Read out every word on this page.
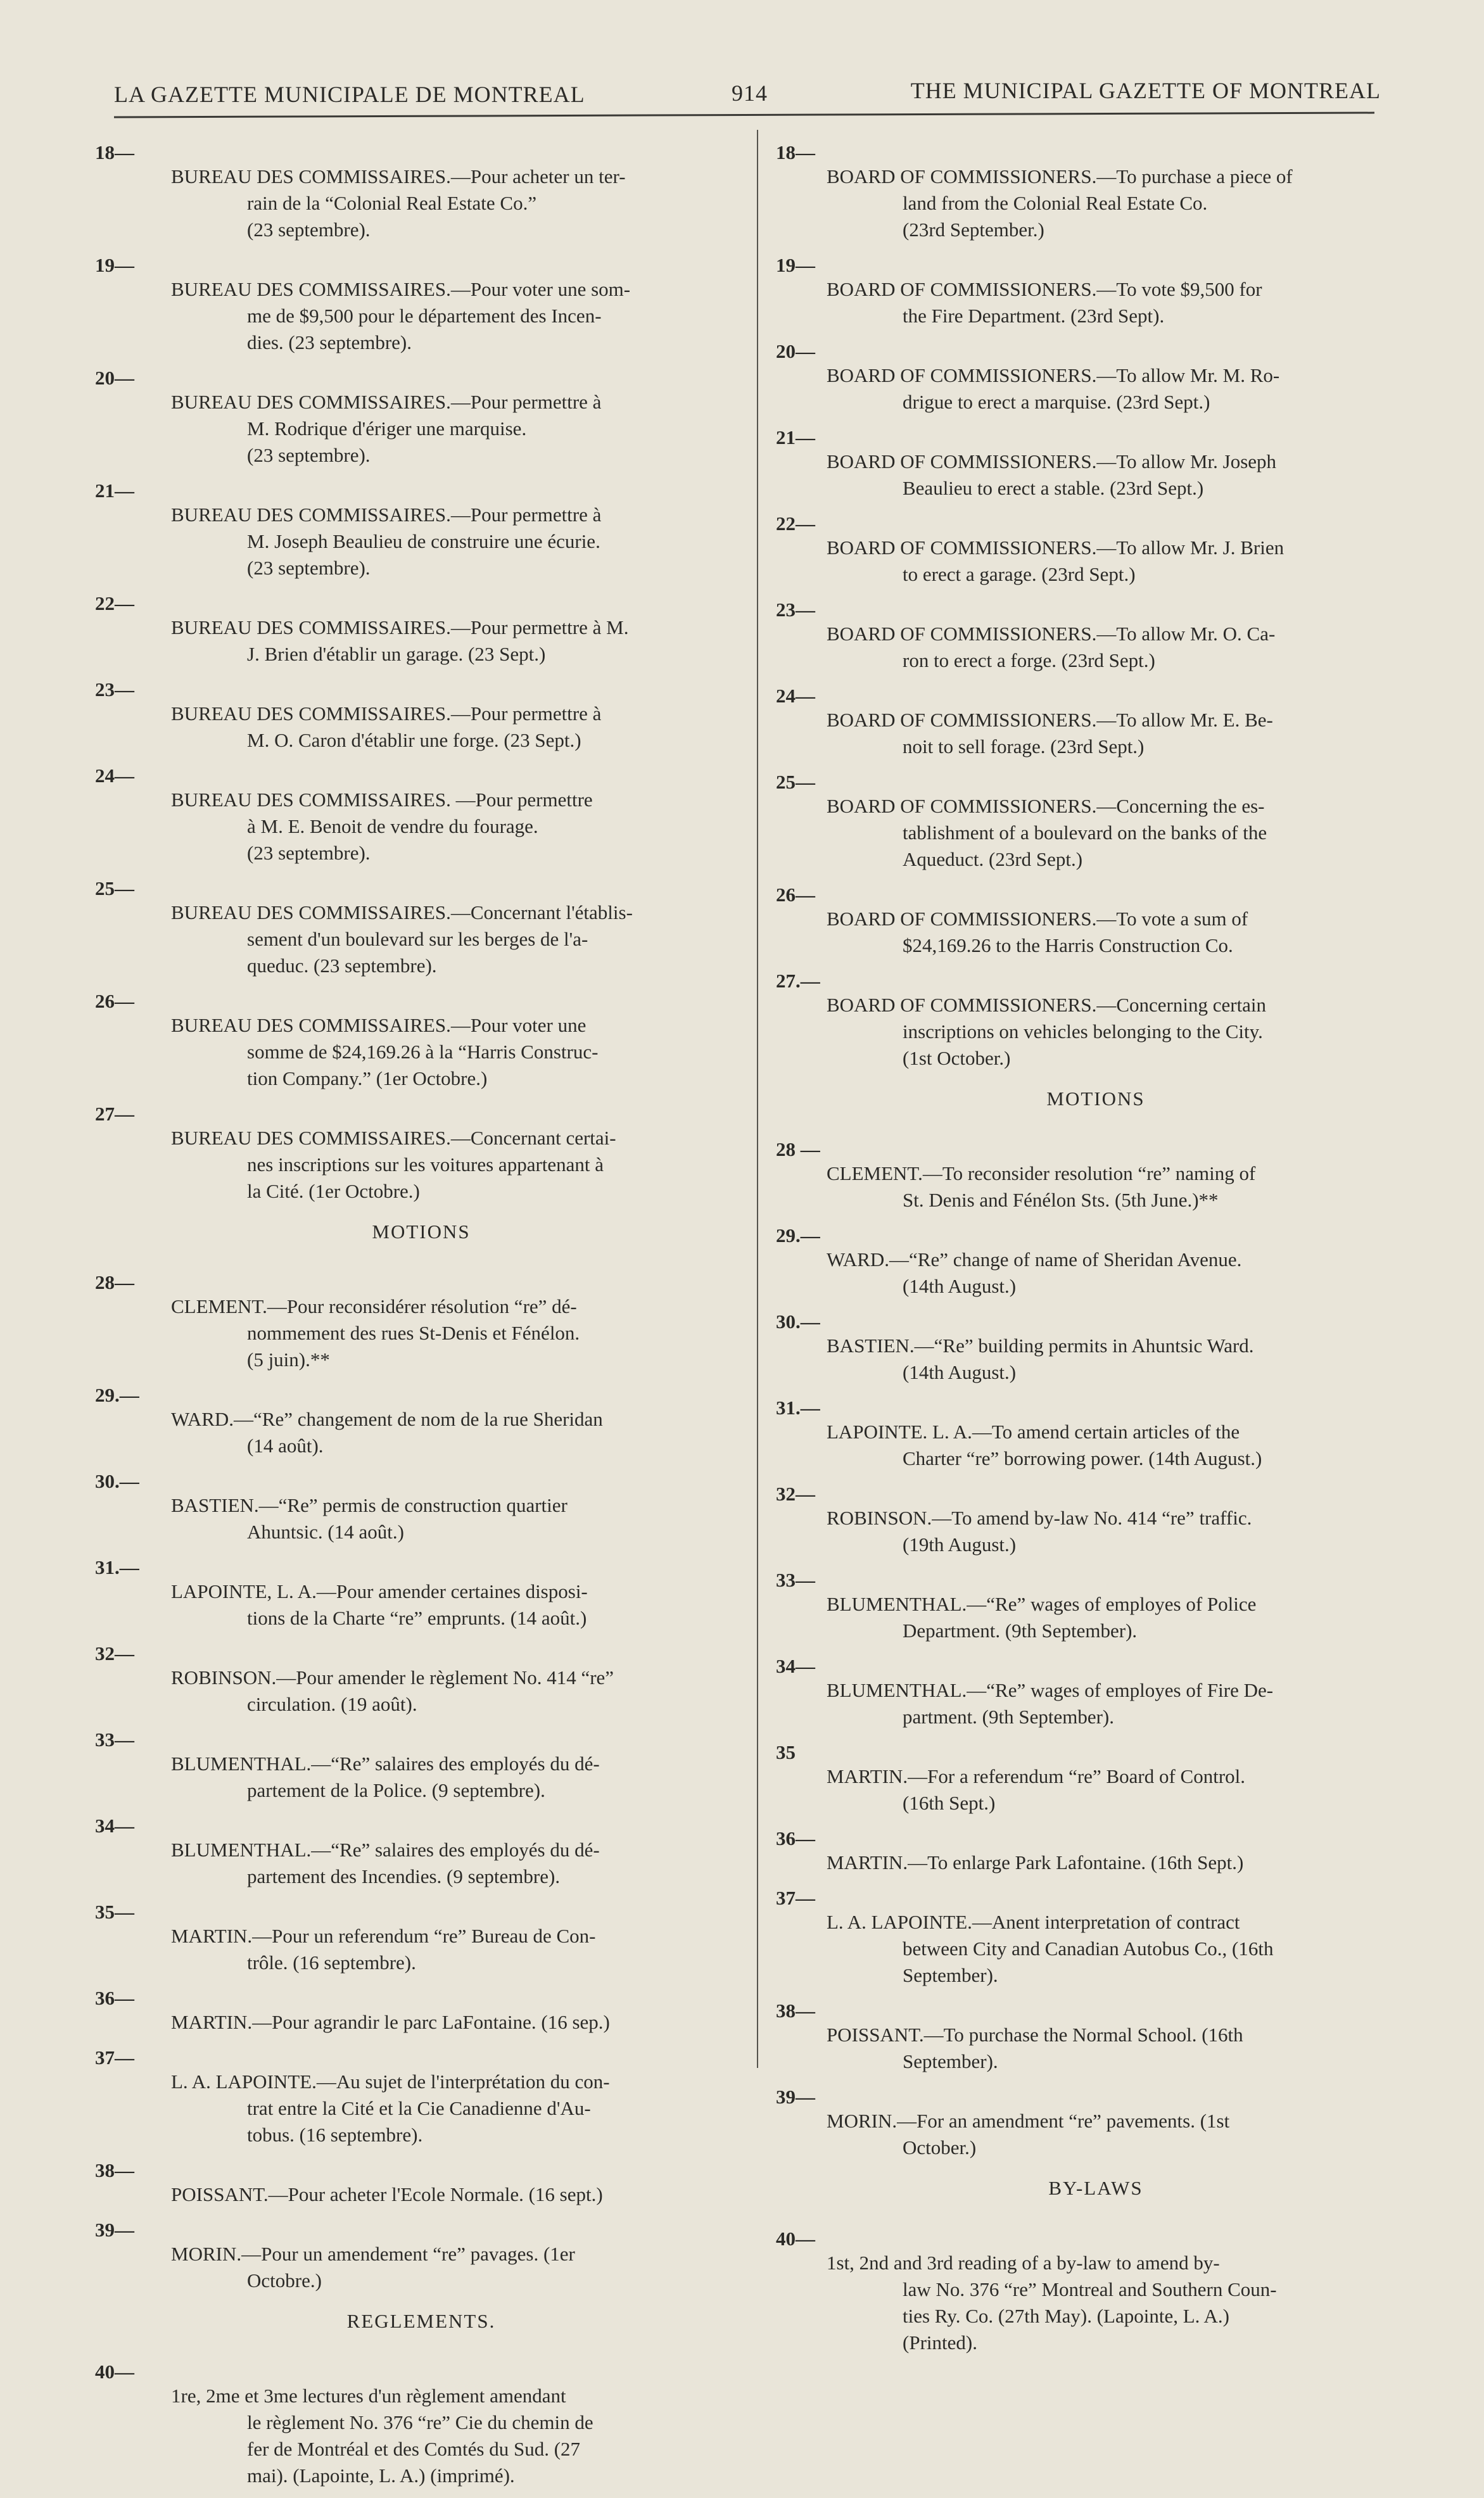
LA GAZETTE MUNICIPALE DE MONTREAL	914	THE MUNICIPAL GAZETTE OF MONTREAL
18—
BUREAU DES COMMISSAIRES.—Pour acheter un ter-
rain de la “Colonial Real Estate Co.”
(23 septembre).
19—
BUREAU DES COMMISSAIRES.—Pour voter une som-
me de $9,500 pour le département des Incen-
dies. (23 septembre).
20—
BUREAU DES COMMISSAIRES.—Pour permettre à
M. Rodrique d'ériger une marquise.
(23 septembre).
21—
BUREAU DES COMMISSAIRES.—Pour permettre à
M. Joseph Beaulieu de construire une écurie.
(23 septembre).
22—
BUREAU DES COMMISSAIRES.—Pour permettre à M.
J. Brien d'établir un garage. (23 Sept.)
23—
BUREAU DES COMMISSAIRES.—Pour permettre à
M. O. Caron d'établir une forge. (23 Sept.)
24—
BUREAU DES COMMISSAIRES. —Pour permettre
à M. E. Benoit de vendre du fourage.
(23 septembre).
25—
BUREAU DES COMMISSAIRES.—Concernant l'établis-
sement d'un boulevard sur les berges de l'a-
queduc. (23 septembre).
26—
BUREAU DES COMMISSAIRES.—Pour voter une
somme de $24,169.26 à la “Harris Construc-
tion Company.” (1er Octobre.)
27—
BUREAU DES COMMISSAIRES.—Concernant certai-
nes inscriptions sur les voitures appartenant à
la Cité. (1er Octobre.)
MOTIONS
28—
CLEMENT.—Pour reconsidérer résolution “re” dé-
nommement des rues St-Denis et Fénélon.
(5 juin).**
29.—
WARD.—“Re” changement de nom de la rue Sheridan
(14 août).
30.—
BASTIEN.—“Re” permis de construction quartier
Ahuntsic. (14 août.)
31.—
LAPOINTE, L. A.—Pour amender certaines disposi-
tions de la Charte “re” emprunts. (14 août.)
32—
ROBINSON.—Pour amender le règlement No. 414 “re”
circulation. (19 août).
33—
BLUMENTHAL.—“Re” salaires des employés du dé-
partement de la Police. (9 septembre).
34—
BLUMENTHAL.—“Re” salaires des employés du dé-
partement des Incendies. (9 septembre).
35—
MARTIN.—Pour un referendum “re” Bureau de Con-
trôle. (16 septembre).
36—
MARTIN.—Pour agrandir le parc LaFontaine. (16 sep.)
37—
L. A. LAPOINTE.—Au sujet de l'interprétation du con-
trat entre la Cité et la Cie Canadienne d'Au-
tobus. (16 septembre).
38—
POISSANT.—Pour acheter l'Ecole Normale. (16 sept.)
39—
MORIN.—Pour un amendement “re” pavages. (1er
Octobre.)
REGLEMENTS.
40—
1re, 2me et 3me lectures d'un règlement amendant
le règlement No. 376 “re” Cie du chemin de
fer de Montréal et des Comtés du Sud. (27
mai). (Lapointe, L. A.) (imprimé).
18—
BOARD OF COMMISSIONERS.—To purchase a piece of
land from the Colonial Real Estate Co.
(23rd September.)
19—
BOARD OF COMMISSIONERS.—To vote $9,500 for
the Fire Department. (23rd Sept).
20—
BOARD OF COMMISSIONERS.—To allow Mr. M. Ro-
drigue to erect a marquise. (23rd Sept.)
21—
BOARD OF COMMISSIONERS.—To allow Mr. Joseph
Beaulieu to erect a stable. (23rd Sept.)
22—
BOARD OF COMMISSIONERS.—To allow Mr. J. Brien
to erect a garage. (23rd Sept.)
23—
BOARD OF COMMISSIONERS.—To allow Mr. O. Ca-
ron to erect a forge. (23rd Sept.)
24—
BOARD OF COMMISSIONERS.—To allow Mr. E. Be-
noit to sell forage. (23rd Sept.)
25—
BOARD OF COMMISSIONERS.—Concerning the es-
tablishment of a boulevard on the banks of the
Aqueduct. (23rd Sept.)
26—
BOARD OF COMMISSIONERS.—To vote a sum of
$24,169.26 to the Harris Construction Co.
27.—
BOARD OF COMMISSIONERS.—Concerning certain
inscriptions on vehicles belonging to the City.
(1st October.)
MOTIONS
28 —
CLEMENT.—To reconsider resolution “re” naming of
St. Denis and Fénélon Sts. (5th June.)**
29.—
WARD.—“Re” change of name of Sheridan Avenue.
(14th August.)
30.—
BASTIEN.—“Re” building permits in Ahuntsic Ward.
(14th August.)
31.—
LAPOINTE. L. A.—To amend certain articles of the
Charter “re” borrowing power. (14th August.)
32—
ROBINSON.—To amend by-law No. 414 “re” traffic.
(19th August.)
33—
BLUMENTHAL.—“Re” wages of employes of Police
Department. (9th September).
34—
BLUMENTHAL.—“Re” wages of employes of Fire De-
partment. (9th September).
35
MARTIN.—For a referendum “re” Board of Control.
(16th Sept.)
36—
MARTIN.—To enlarge Park Lafontaine. (16th Sept.)
37—
L. A. LAPOINTE.—Anent interpretation of contract
between City and Canadian Autobus Co., (16th
September).
38—
POISSANT.—To purchase the Normal School. (16th
September).
39—
MORIN.—For an amendment “re” pavements. (1st
October.)
BY-LAWS
40—
1st, 2nd and 3rd reading of a by-law to amend by-
law No. 376 “re” Montreal and Southern Coun-
ties Ry. Co. (27th May). (Lapointe, L. A.)
(Printed).
